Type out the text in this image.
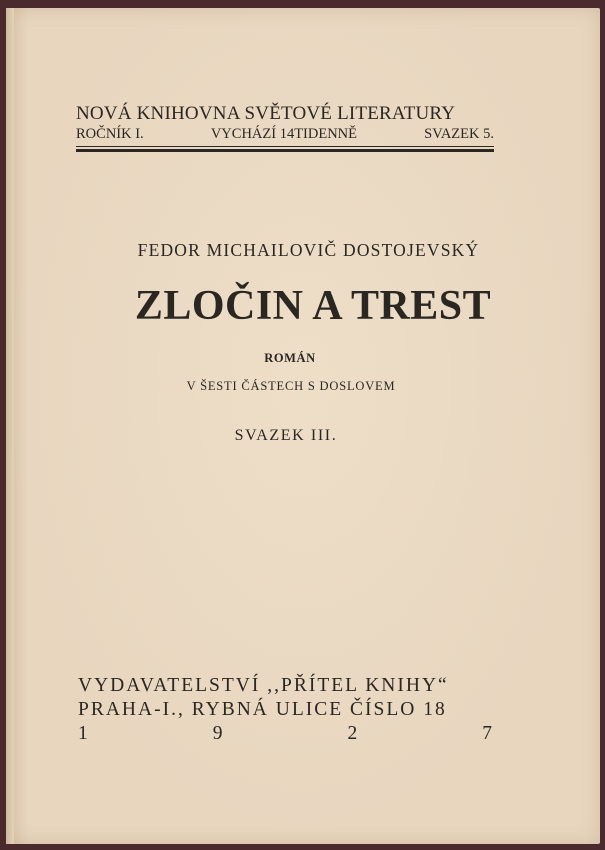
NOVÁ KNIHOVNA SVĚTOVÉ LITERATURY
ROČNÍK I.	VYCHÁZÍ 14TIDENNĚ	SVAZEK 5.
FEDOR MICHAILOVIČ DOSTOJEVSKÝ
ZLOČIN A TREST
ROMÁN
V ŠESTI ČÁSTECH S DOSLOVEM
SVAZEK III.
VYDAVATELSTVÍ ,,PŘÍTEL KNIHY“
PRAHA-I., RYBNÁ ULICE ČÍSLO 18
1	9	2	7
